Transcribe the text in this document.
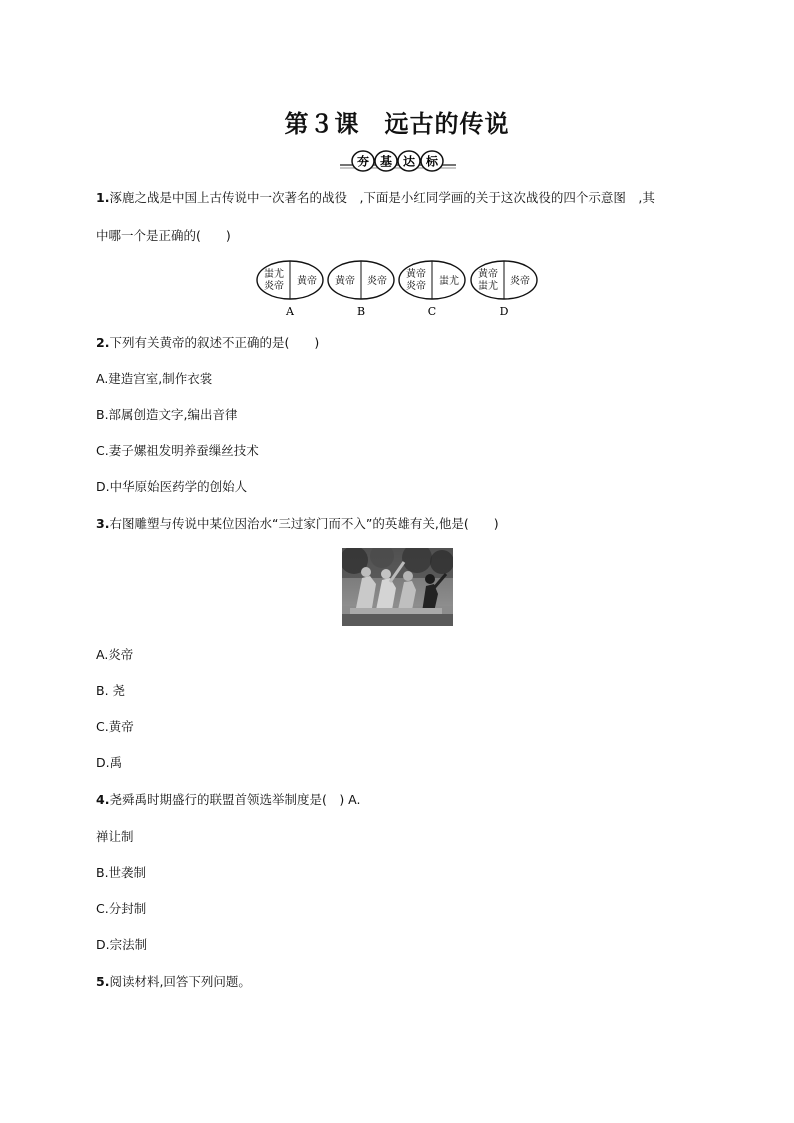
第３课　远古的传说
夯 基 达 标
1.涿鹿之战是中国上古传说中一次著名的战役　,下面是小红同学画的关于这次战役的四个示意图　,其
中哪一个是正确的(　　)
蚩尤
炎帝 黄帝
A
黄帝 炎帝
B
黄帝
炎帝 蚩尤
C
黄帝
蚩尤 炎帝
D
2.下列有关黄帝的叙述不正确的是(　　)
A.建造宫室,制作衣裳
B.部属创造文字,编出音律
C.妻子嫘祖发明养蚕缫丝技术
D.中华原始医药学的创始人
3.右图雕塑与传说中某位因治水“三过家门而不入”的英雄有关,他是(　　)
A.炎帝
B. 尧
C.黄帝
D.禹
4.尧舜禹时期盛行的联盟首领选举制度是(　) A.
禅让制
B.世袭制
C.分封制
D.宗法制
5.阅读材料,回答下列问题。
